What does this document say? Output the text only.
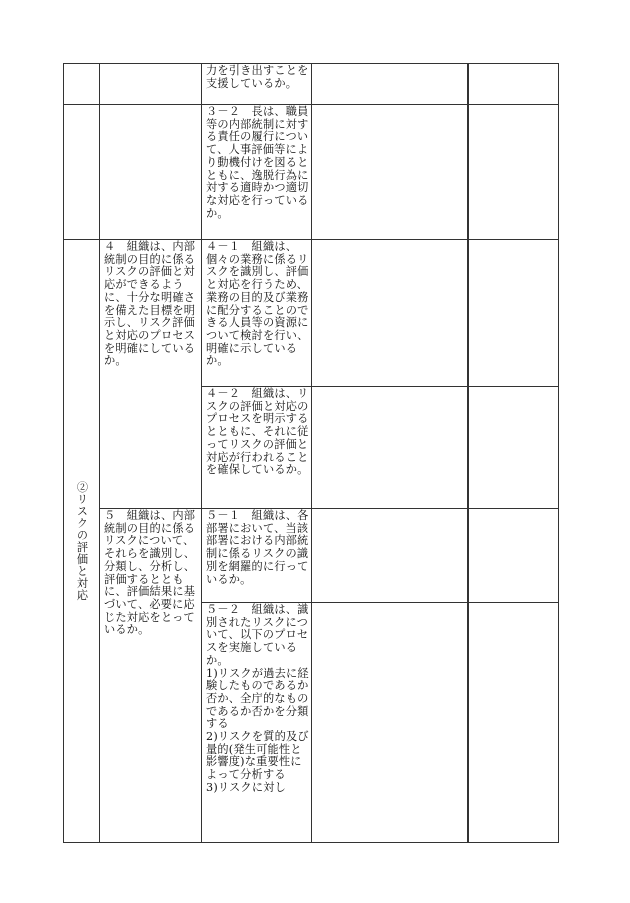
		力を引き出すことを支援しているか。		

		３－２　長は、職員等の内部統制に対する責任の履行について、人事評価等により動機付けを図るとともに、逸脱行為に対する適時かつ適切な対応を行っているか。		

②リスクの評価と対応	４　組織は、内部統制の目的に係るリスクの評価と対応ができるように、十分な明確さを備えた目標を明示し、リスク評価と対応のプロセスを明確にしているか。	４－１　組織は、個々の業務に係るリスクを識別し、評価と対応を行うため、業務の目的及び業務に配分することのできる人員等の資源について検討を行い、明確に示しているか。		

		４－２　組織は、リスクの評価と対応のプロセスを明示するとともに、それに従ってリスクの評価と対応が行われることを確保しているか。		

	５　組織は、内部統制の目的に係るリスクについて、それらを識別し、分類し、分析し、評価するとともに、評価結果に基づいて、必要に応じた対応をとっているか。	５－１　組織は、各部署において、当該部署における内部統制に係るリスクの識別を網羅的に行っているか。		

		５－２　組織は、識別されたリスクについて、以下のプロセスを実施しているか。
1)リスクが過去に経験したものであるか否か、全庁的なものであるか否かを分類する
2)リスクを質的及び量的(発生可能性と影響度)な重要性によって分析する
3)リスクに対し		
